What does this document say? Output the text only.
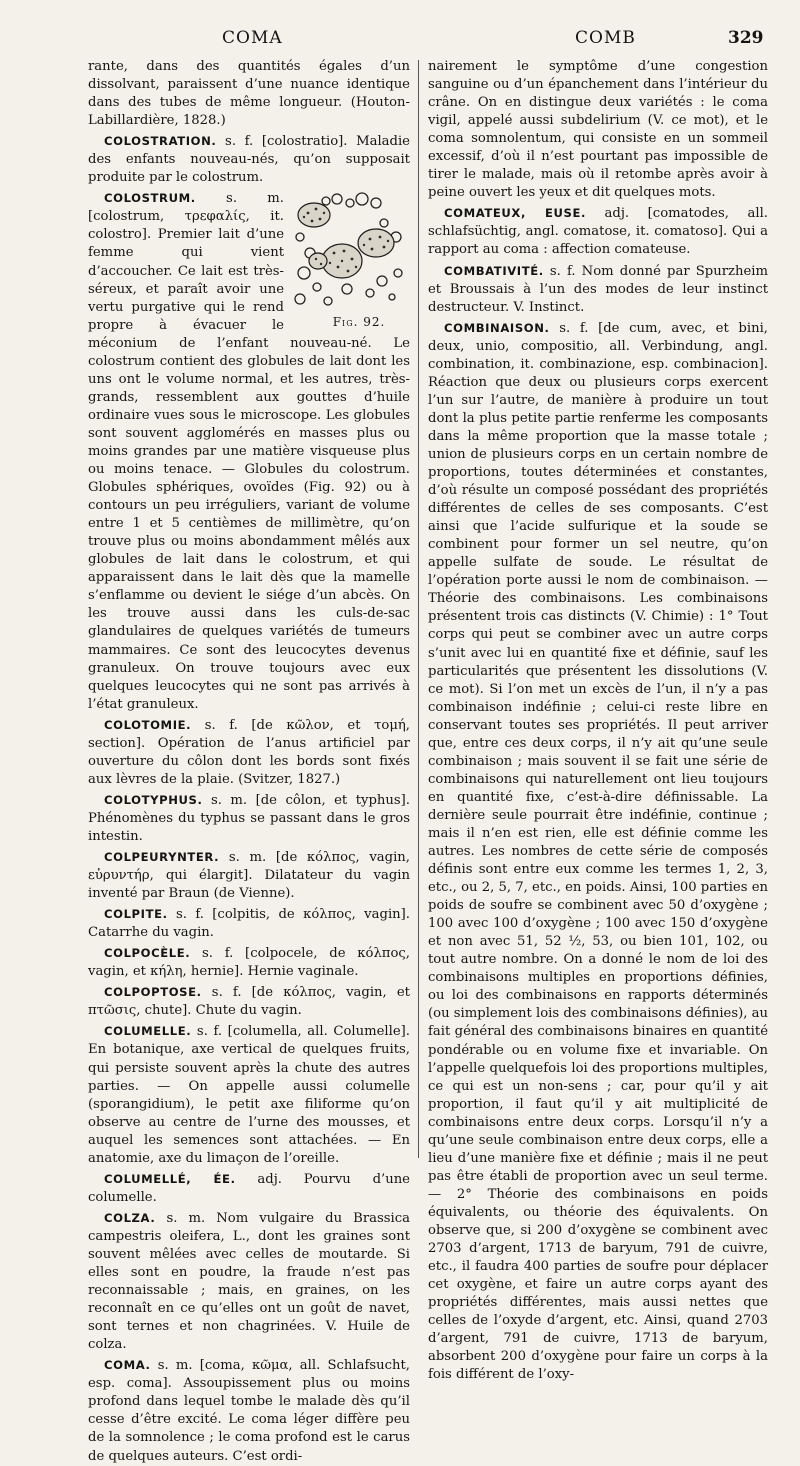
COMA	COMB	329

rante, dans des quantités égales d’un dissolvant, paraissent d’une nuance identique dans des tubes de même longueur. (Houton-Labillardière, 1828.)

COLOSTRATION. s. f. [colostratio]. Maladie des enfants nouveau-nés, qu’on supposait produite par le colostrum.

Fig. 92.
COLOSTRUM. s. m. [colostrum, τρεφαλίς, it. colostro]. Premier lait d’une femme qui vient d’accoucher. Ce lait est très-séreux, et paraît avoir une vertu purgative qui le rend propre à évacuer le méconium de l’enfant nouveau-né. Le colostrum contient des globules de lait dont les uns ont le volume normal, et les autres, très-grands, ressemblent aux gouttes d’huile ordinaire vues sous le microscope. Les globules sont souvent agglomérés en masses plus ou moins grandes par une matière visqueuse plus ou moins tenace. — Globules du colostrum. Globules sphériques, ovoïdes (Fig. 92) ou à contours un peu irréguliers, variant de volume entre 1 et 5 centièmes de millimètre, qu’on trouve plus ou moins abondamment mêlés aux globules de lait dans le colostrum, et qui apparaissent dans le lait dès que la mamelle s’enflamme ou devient le siége d’un abcès. On les trouve aussi dans les culs-de-sac glandulaires de quelques variétés de tumeurs mammaires. Ce sont des leucocytes devenus granuleux. On trouve toujours avec eux quelques leucocytes qui ne sont pas arrivés à l’état granuleux.

COLOTOMIE. s. f. [de κῶλον, et τομή, section]. Opération de l’anus artificiel par ouverture du côlon dont les bords sont fixés aux lèvres de la plaie. (Svitzer, 1827.)

COLOTYPHUS. s. m. [de côlon, et typhus]. Phénomènes du typhus se passant dans le gros intestin.

COLPEURYNTER. s. m. [de κόλπος, vagin, εὐρυντήρ, qui élargit]. Dilatateur du vagin inventé par Braun (de Vienne).

COLPITE. s. f. [colpitis, de κόλπος, vagin]. Catarrhe du vagin.

COLPOCÈLE. s. f. [colpocele, de κόλπος, vagin, et κήλη, hernie]. Hernie vaginale.

COLPOPTOSE. s. f. [de κόλπος, vagin, et πτῶσις, chute]. Chute du vagin.

COLUMELLE. s. f. [columella, all. Columelle]. En botanique, axe vertical de quelques fruits, qui persiste souvent après la chute des autres parties. — On appelle aussi columelle (sporangidium), le petit axe filiforme qu’on observe au centre de l’urne des mousses, et auquel les semences sont attachées. — En anatomie, axe du limaçon de l’oreille.

COLUMELLÉ, ÉE. adj. Pourvu d’une columelle.

COLZA. s. m. Nom vulgaire du Brassica campestris oleifera, L., dont les graines sont souvent mêlées avec celles de moutarde. Si elles sont en poudre, la fraude n’est pas reconnaissable ; mais, en graines, on les reconnaît en ce qu’elles ont un goût de navet, sont ternes et non chagrinées. V. Huile de colza.

COMA. s. m. [coma, κῶμα, all. Schlafsucht, esp. coma]. Assoupissement plus ou moins profond dans lequel tombe le malade dès qu’il cesse d’être excité. Le coma léger diffère peu de la somnolence ; le coma profond est le carus de quelques auteurs. C’est ordi-

nairement le symptôme d’une congestion sanguine ou d’un épanchement dans l’intérieur du crâne. On en distingue deux variétés : le coma vigil, appelé aussi subdelirium (V. ce mot), et le coma somnolentum, qui consiste en un sommeil excessif, d’où il n’est pourtant pas impossible de tirer le malade, mais où il retombe après avoir à peine ouvert les yeux et dit quelques mots.

COMATEUX, EUSE. adj. [comatodes, all. schlafsüchtig, angl. comatose, it. comatoso]. Qui a rapport au coma : affection comateuse.

COMBATIVITÉ. s. f. Nom donné par Spurzheim et Broussais à l’un des modes de leur instinct destructeur. V. Instinct.

COMBINAISON. s. f. [de cum, avec, et bini, deux, unio, compositio, all. Verbindung, angl. combination, it. combinazione, esp. combinacion]. Réaction que deux ou plusieurs corps exercent l’un sur l’autre, de manière à produire un tout dont la plus petite partie renferme les composants dans la même proportion que la masse totale ; union de plusieurs corps en un certain nombre de proportions, toutes déterminées et constantes, d’où résulte un composé possédant des propriétés différentes de celles de ses composants. C’est ainsi que l’acide sulfurique et la soude se combinent pour former un sel neutre, qu’on appelle sulfate de soude. Le résultat de l’opération porte aussi le nom de combinaison. — Théorie des combinaisons. Les combinaisons présentent trois cas distincts (V. Chimie) : 1° Tout corps qui peut se combiner avec un autre corps s’unit avec lui en quantité fixe et définie, sauf les particularités que présentent les dissolutions (V. ce mot). Si l’on met un excès de l’un, il n’y a pas combinaison indéfinie ; celui-ci reste libre en conservant toutes ses propriétés. Il peut arriver que, entre ces deux corps, il n’y ait qu’une seule combinaison ; mais souvent il se fait une série de combinaisons qui naturellement ont lieu toujours en quantité fixe, c’est-à-dire définissable. La dernière seule pourrait être indéfinie, continue ; mais il n’en est rien, elle est définie comme les autres. Les nombres de cette série de composés définis sont entre eux comme les termes 1, 2, 3, etc., ou 2, 5, 7, etc., en poids. Ainsi, 100 parties en poids de soufre se combinent avec 50 d’oxygène ; 100 avec 100 d’oxygène ; 100 avec 150 d’oxygène et non avec 51, 52 ½, 53, ou bien 101, 102, ou tout autre nombre. On a donné le nom de loi des combinaisons multiples en proportions définies, ou loi des combinaisons en rapports déterminés (ou simplement lois des combinaisons définies), au fait général des combinaisons binaires en quantité pondérable ou en volume fixe et invariable. On l’appelle quelquefois loi des proportions multiples, ce qui est un non-sens ; car, pour qu’il y ait proportion, il faut qu’il y ait multiplicité de combinaisons entre deux corps. Lorsqu’il n’y a qu’une seule combinaison entre deux corps, elle a lieu d’une manière fixe et définie ; mais il ne peut pas être établi de proportion avec un seul terme. — 2° Théorie des combinaisons en poids équivalents, ou théorie des équivalents. On observe que, si 200 d’oxygène se combinent avec 2703 d’argent, 1713 de baryum, 791 de cuivre, etc., il faudra 400 parties de soufre pour déplacer cet oxygène, et faire un autre corps ayant des propriétés différentes, mais aussi nettes que celles de l’oxyde d’argent, etc. Ainsi, quand 2703 d’argent, 791 de cuivre, 1713 de baryum, absorbent 200 d’oxygène pour faire un corps à la fois différent de l’oxy-
